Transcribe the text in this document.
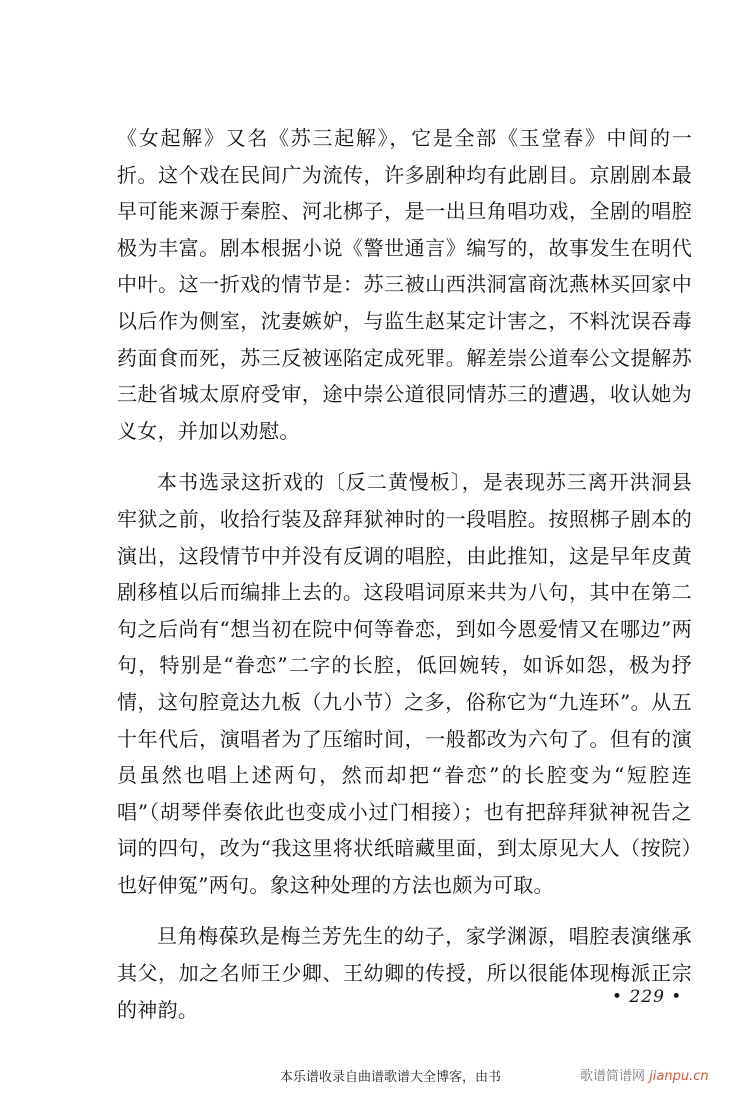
《女起解》又名《苏三起解》，它是全部《玉堂春》中间的一折。这个戏在民间广为流传，许多剧种均有此剧目。京剧剧本最早可能来源于秦腔、河北梆子，是一出旦角唱功戏，全剧的唱腔极为丰富。剧本根据小说《警世通言》编写的，故事发生在明代中叶。这一折戏的情节是：苏三被山西洪洞富商沈燕林买回家中以后作为侧室，沈妻嫉妒，与监生赵某定计害之，不料沈误吞毒药面食而死，苏三反被诬陷定成死罪。解差崇公道奉公文提解苏三赴省城太原府受审，途中崇公道很同情苏三的遭遇，收认她为义女，并加以劝慰。

本书选录这折戏的〔反二黄慢板〕，是表现苏三离开洪洞县牢狱之前，收拾行装及辞拜狱神时的一段唱腔。按照梆子剧本的演出，这段情节中并没有反调的唱腔，由此推知，这是早年皮黄剧移植以后而编排上去的。这段唱词原来共为八句，其中在第二句之后尚有“想当初在院中何等眷恋，到如今恩爱情又在哪边”两句，特别是“眷恋”二字的长腔，低回婉转，如诉如怨，极为抒情，这句腔竟达九板（九小节）之多，俗称它为“九连环”。从五十年代后，演唱者为了压缩时间，一般都改为六句了。但有的演员虽然也唱上述两句，然而却把“眷恋”的长腔变为“短腔连唱”（胡琴伴奏依此也变成小过门相接）；也有把辞拜狱神祝告之词的四句，改为“我这里将状纸暗藏里面，到太原见大人（按院）也好伸冤”两句。象这种处理的方法也颇为可取。

旦角梅葆玖是梅兰芳先生的幼子，家学渊源，唱腔表演继承其父，加之名师王少卿、王幼卿的传授，所以很能体现梅派正宗的神韵。

• 229 •
本乐谱收录自曲谱歌谱大全博客，由书	歌谱简谱网 jianpu.cn
